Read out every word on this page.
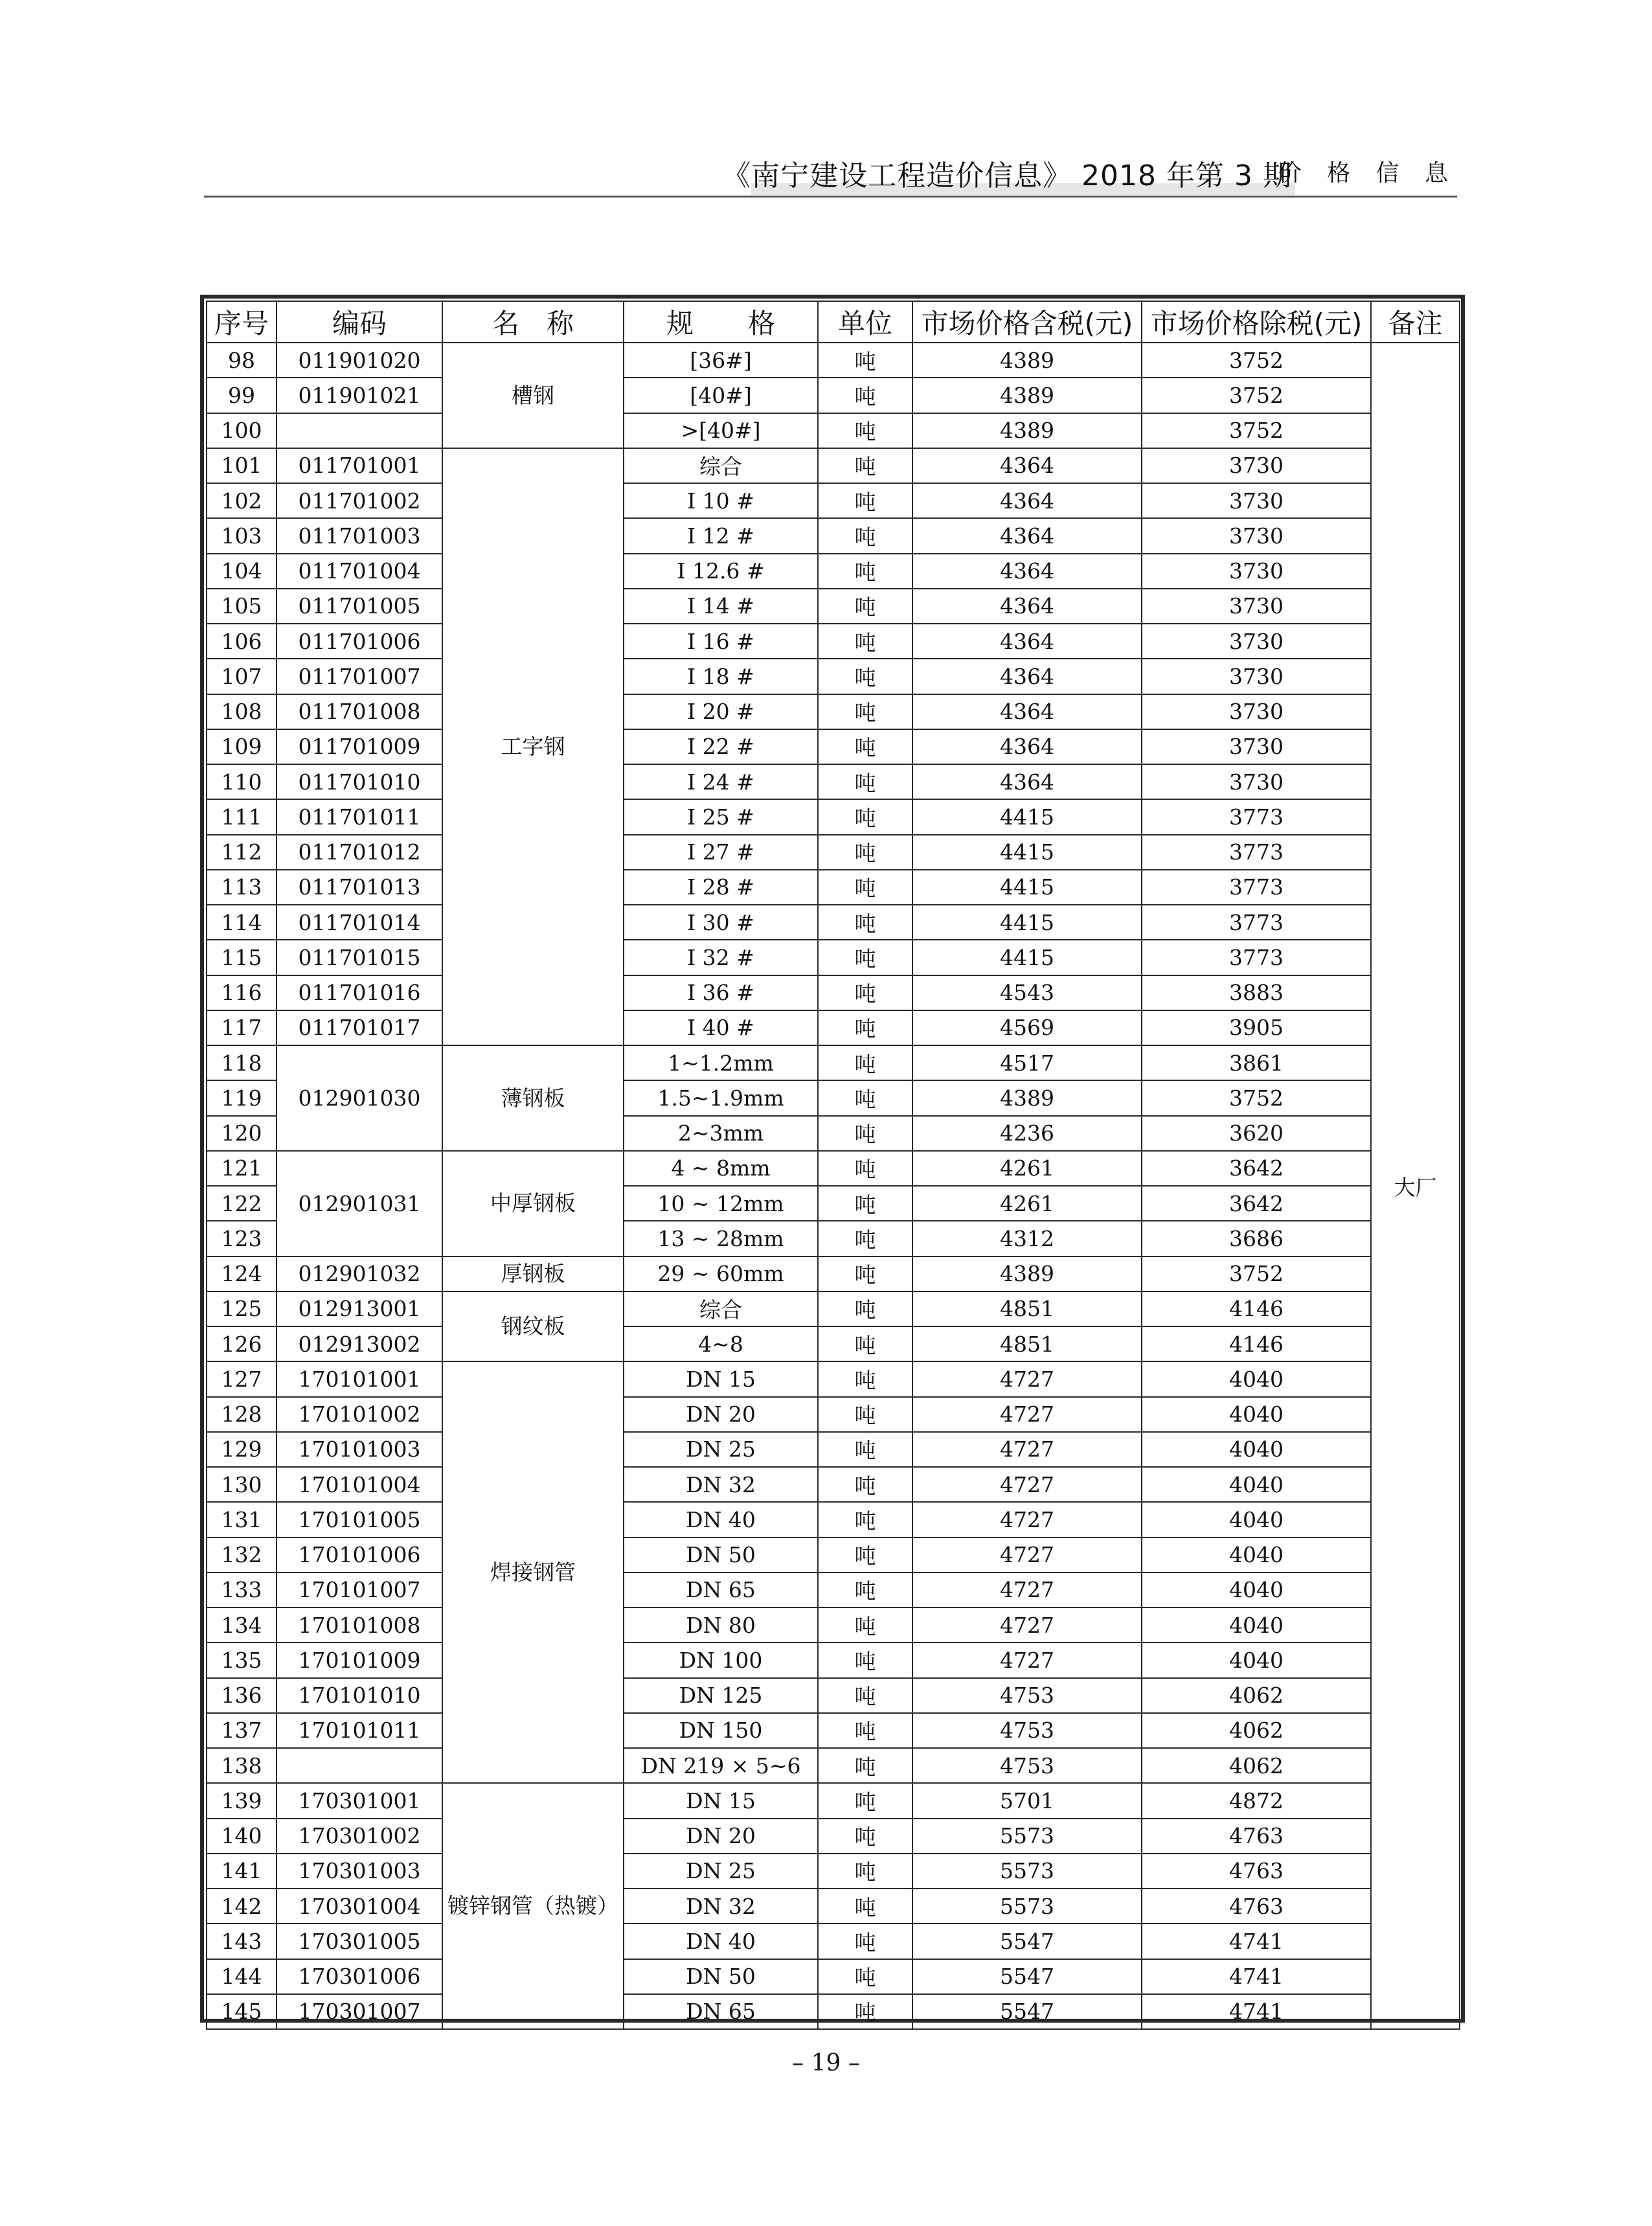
《南宁建设工程造价信息》 2018 年第 3 期
价 格 信 息
序号	编码	名　称	规　　格	单位	市场价格含税(元)	市场价格除税(元)	备注
98	011901020	槽钢	[36#]	吨	4389	3752	大厂
99	011901021		[40#]	吨	4389	3752	
100			>[40#]	吨	4389	3752	
101	011701001	工字钢	综合	吨	4364	3730	
102	011701002		I 10 #	吨	4364	3730	
103	011701003		I 12 #	吨	4364	3730	
104	011701004		I 12.6 #	吨	4364	3730	
105	011701005		I 14 #	吨	4364	3730	
106	011701006		I 16 #	吨	4364	3730	
107	011701007		I 18 #	吨	4364	3730	
108	011701008		I 20 #	吨	4364	3730	
109	011701009		I 22 #	吨	4364	3730	
110	011701010		I 24 #	吨	4364	3730	
111	011701011		I 25 #	吨	4415	3773	
112	011701012		I 27 #	吨	4415	3773	
113	011701013		I 28 #	吨	4415	3773	
114	011701014		I 30 #	吨	4415	3773	
115	011701015		I 32 #	吨	4415	3773	
116	011701016		I 36 #	吨	4543	3883	
117	011701017		I 40 #	吨	4569	3905	
118	012901030	薄钢板	1~1.2mm	吨	4517	3861	
119			1.5~1.9mm	吨	4389	3752	
120			2~3mm	吨	4236	3620	
121	012901031	中厚钢板	4 ~ 8mm	吨	4261	3642	
122			10 ~ 12mm	吨	4261	3642	
123			13 ~ 28mm	吨	4312	3686	
124	012901032	厚钢板	29 ~ 60mm	吨	4389	3752	
125	012913001	钢纹板	综合	吨	4851	4146	
126	012913002		4~8	吨	4851	4146	
127	170101001	焊接钢管	DN 15	吨	4727	4040	
128	170101002		DN 20	吨	4727	4040	
129	170101003		DN 25	吨	4727	4040	
130	170101004		DN 32	吨	4727	4040	
131	170101005		DN 40	吨	4727	4040	
132	170101006		DN 50	吨	4727	4040	
133	170101007		DN 65	吨	4727	4040	
134	170101008		DN 80	吨	4727	4040	
135	170101009		DN 100	吨	4727	4040	
136	170101010		DN 125	吨	4753	4062	
137	170101011		DN 150	吨	4753	4062	
138			DN 219 × 5~6	吨	4753	4062	
139	170301001	镀锌钢管（热镀）	DN 15	吨	5701	4872	
140	170301002		DN 20	吨	5573	4763	
141	170301003		DN 25	吨	5573	4763	
142	170301004		DN 32	吨	5573	4763	
143	170301005		DN 40	吨	5547	4741	
144	170301006		DN 50	吨	5547	4741	
145	170301007		DN 65	吨	5547	4741	
– 19 –
